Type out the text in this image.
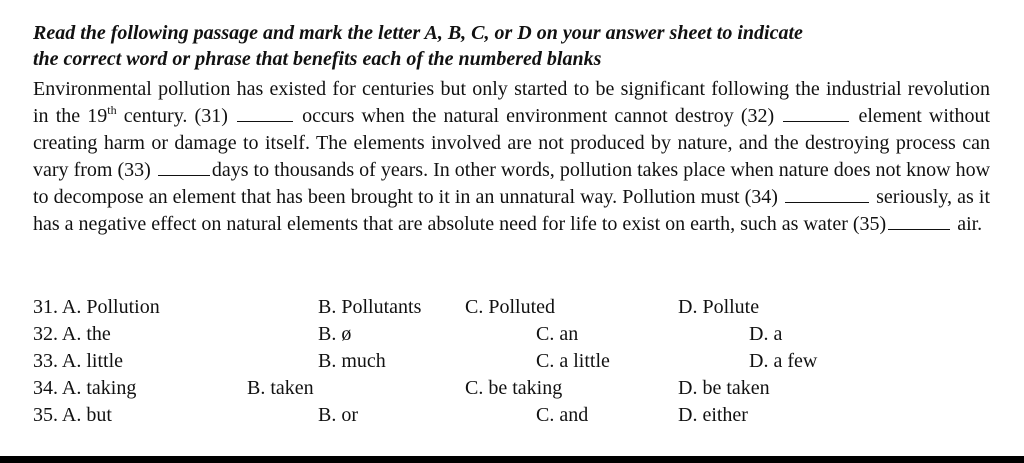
Read the following passage and mark the letter A, B, C, or D on your answer sheet to indicate
the correct word or phrase that benefits each of the numbered blanks
Environmental pollution has existed for centuries but only started to be significant following the industrial revolution in the 19th century. (31)	occurs when the natural environment cannot destroy (32)	element without creating harm or damage to itself. The elements involved are not produced by nature, and the destroying process can vary from (33)	days to thousands of years. In other words, pollution takes place when nature does not know how to decompose an element that has been brought to it in an unnatural way. Pollution must (34)	seriously, as it has a negative effect on natural elements that are absolute need for life to exist on earth, such as water (35)	air.
31. A. Pollution	B. Pollutants C. Polluted	D. Pollute
32. A. the	B. ø	C. an	D. a
33. A. little	B. much	C. a little	D. a few
34. A. taking	B. taken	C. be taking	D. be taken
35. A. but	B. or	C. and	D. either
